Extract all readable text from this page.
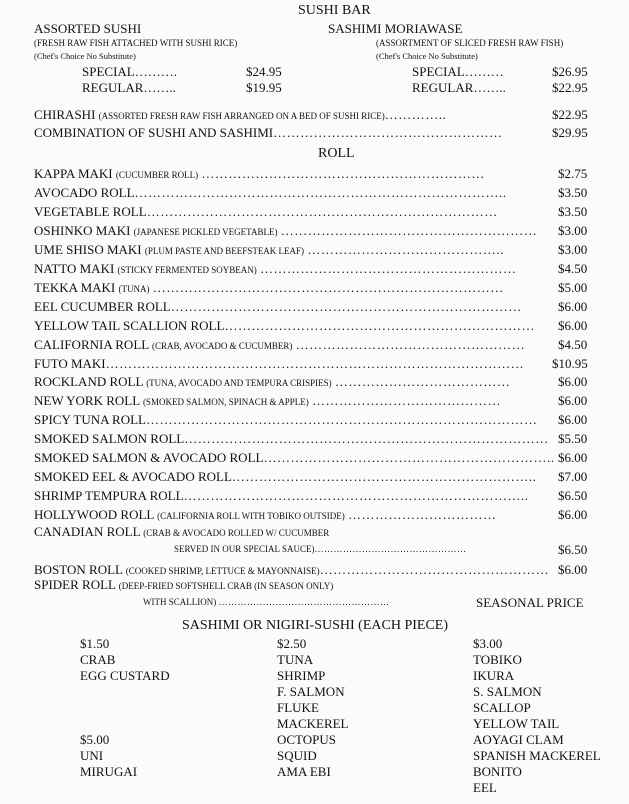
SUSHI BAR
ASSORTED SUSHI
(FRESH RAW FISH ATTACHED WITH SUSHI RICE)
(Chef's Choice No Substitute)
SPECIAL……….	$24.95
REGULAR……..	$19.95
SASHIMI MORIAWASE
(ASSORTMENT OF SLICED FRESH RAW FISH)
(Chef's Choice No Substitute)
SPECIAL………	$26.95
REGULAR……..	$22.95
CHIRASHI (ASSORTED FRESH RAW FISH ARRANGED ON A BED OF SUSHI RICE)…………..	$22.95
COMBINATION OF SUSHI AND SASHIMI……………………………………………	$29.95
ROLL
KAPPA MAKI (CUCUMBER ROLL) ………………………………………………………	$2.75
AVOCADO ROLL………………………………………………………………………..	$3.50
VEGETABLE ROLL……………………………………………………………………	$3.50
OSHINKO MAKI (JAPANESE PICKLED VEGETABLE) ………………………………………………… $3.00
UME SHISO MAKI (PLUM PASTE AND BEEFSTEAK LEAF) ……………………………………..	$3.00
NATTO MAKI (STICKY FERMENTED SOYBEAN) …………………………………………………	$4.50
TEKKA MAKI (TUNA) ……………………………………………………………………	$5.00
EEL CUCUMBER ROLL……………………………………………………………………	$6.00
YELLOW TAIL SCALLION ROLL…………………………………………………………… $6.00
CALIFORNIA ROLL (CRAB, AVOCADO & CUCUMBER) ……………………………………………	$4.50
FUTO MAKI………………………………………………………………………………… $10.95
ROCKLAND ROLL (TUNA, AVOCADO AND TEMPURA CRISPIES) …………………………………	$6.00
NEW YORK ROLL (SMOKED SALMON, SPINACH & APPLE) ……………………………………	$6.00
SPICY TUNA ROLL…………………………………………………………………………… $6.00
SMOKED SALMON ROLL……………………………………………………………………… $5.50
SMOKED SALMON & AVOCADO ROLL……………………………………………………….. $6.00
SMOKED EEL & AVOCADO ROLL………………………………………………………….. $7.00
SHRIMP TEMPURA ROLL………………………………………………………………….. $6.50
HOLLYWOOD ROLL (CALIFORNIA ROLL WITH TOBIKO OUTSIDE) ……………………………	$6.00
CANADIAN ROLL (CRAB & AVOCADO ROLLED W/ CUCUMBER
SERVED IN OUR SPECIAL SAUCE)…………………………………………	$6.50
BOSTON ROLL (COOKED SHRIMP, LETTUCE & MAYONNAISE)…………………………………………… $6.00
SPIDER ROLL (DEEP-FRIED SOFTSHELL CRAB (IN SEASON ONLY)
WITH SCALLION) ………………………………………………	SEASONAL PRICE
SASHIMI OR NIGIRI-SUSHI (EACH PIECE)
$1.50
CRAB
EGG CUSTARD
$5.00
UNI
MIRUGAI
$2.50
TUNA
SHRIMP
F. SALMON
FLUKE
MACKEREL
OCTOPUS
SQUID
AMA EBI
$3.00
TOBIKO
IKURA
S. SALMON
SCALLOP
YELLOW TAIL
AOYAGI CLAM
SPANISH MACKEREL
BONITO
EEL
